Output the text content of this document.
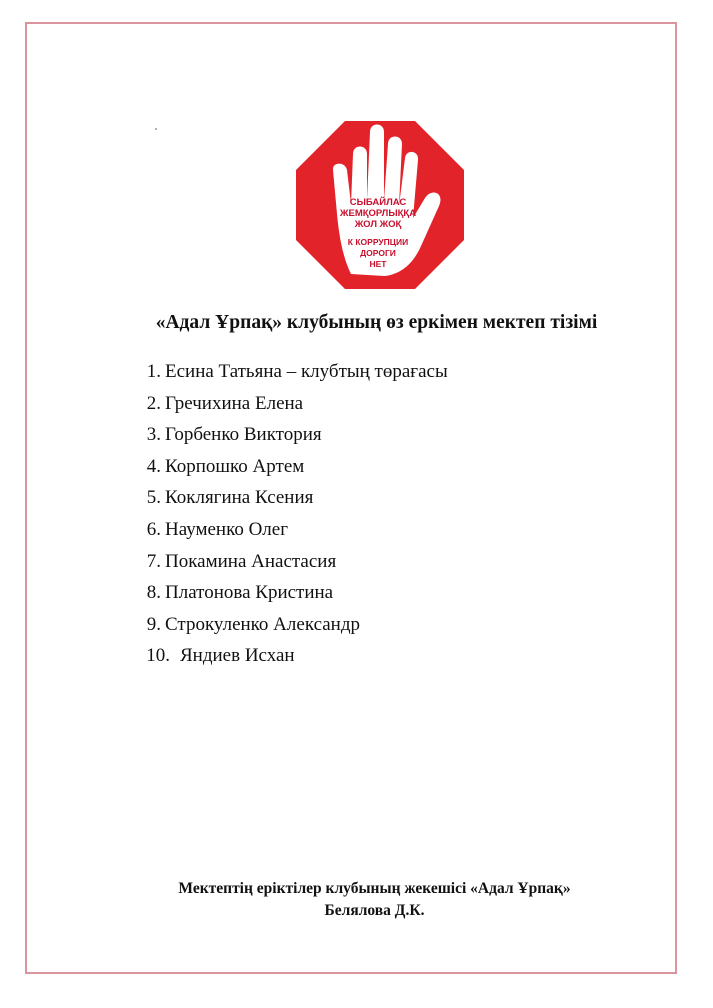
СЫБАЙЛАС
ЖЕМҚОРЛЫҚҚА
ЖОЛ ЖОҚ
К КОРРУПЦИИ
ДОРОГИ
НЕТ
«Адал Ұрпақ» клубының өз еркімен мектеп тізімі
1. Есина Татьяна – клубтың төрағасы
2. Гречихина Елена
3. Горбенко Виктория
4. Корпошко Артем
5. Коклягина Ксения
6. Науменко Олег
7. Покамина Анастасия
8. Платонова Кристина
9. Строкуленко Александр
10. Яндиев Исхан
Мектептің еріктілер клубының жекешісі «Адал Ұрпақ»
Белялова Д.К.
